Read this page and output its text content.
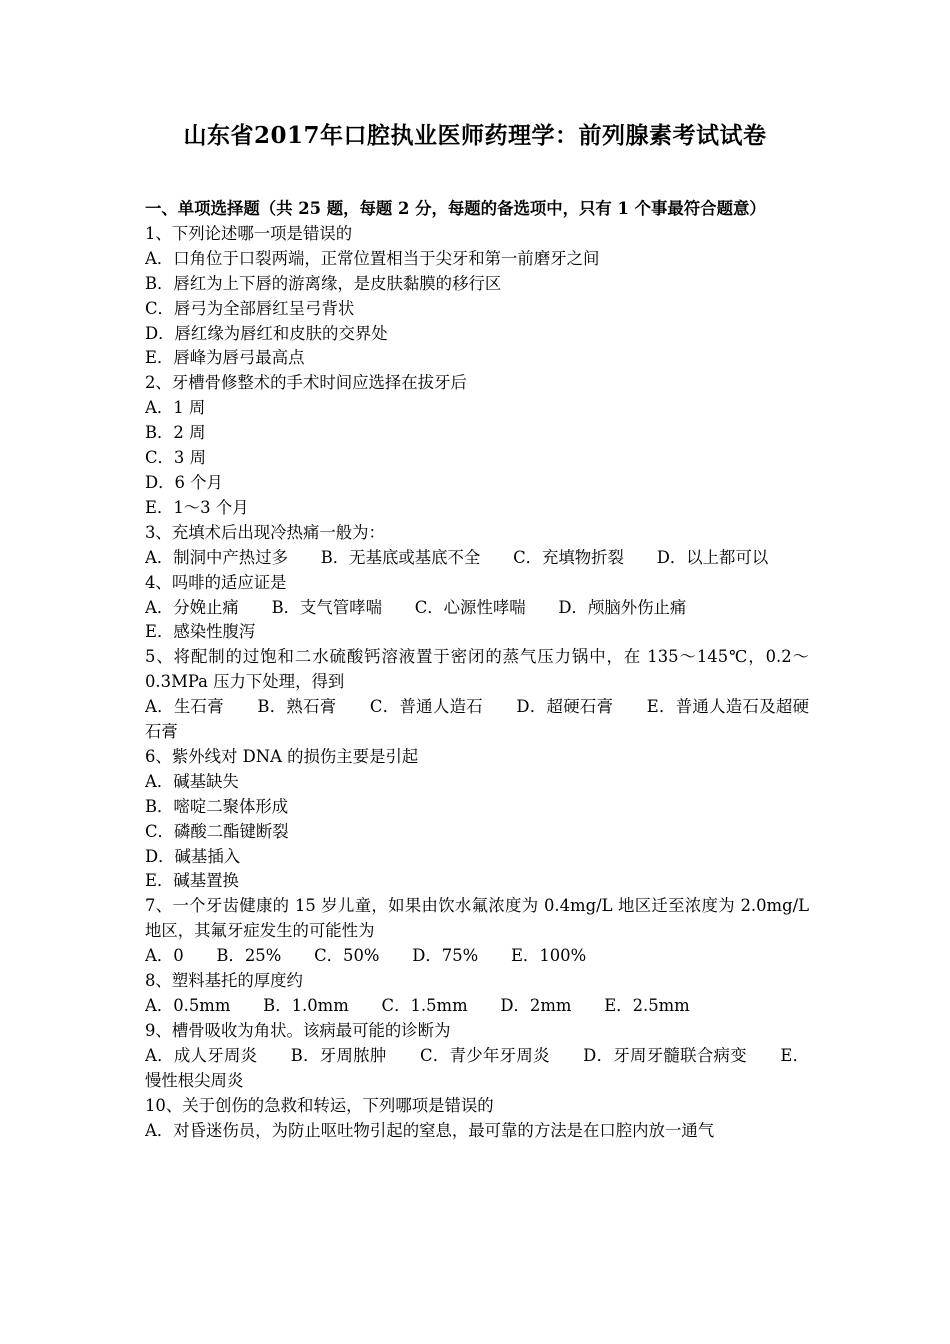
山东省2017年口腔执业医师药理学：前列腺素考试试卷
一、单项选择题（共 25 题，每题 2 分，每题的备选项中，只有 1 个事最符合题意）
1、下列论述哪一项是错误的
A．口角位于口裂两端，正常位置相当于尖牙和第一前磨牙之间
B．唇红为上下唇的游离缘，是皮肤黏膜的移行区
C．唇弓为全部唇红呈弓背状
D．唇红缘为唇红和皮肤的交界处
E．唇峰为唇弓最高点
2、牙槽骨修整术的手术时间应选择在拔牙后
A．1 周
B．2 周
C．3 周
D．6 个月
E．1～3 个月
3、充填术后出现冷热痛一般为：
A．制洞中产热过多　　B．无基底或基底不全　　C．充填物折裂　　D．以上都可以
4、吗啡的适应证是
A．分娩止痛　　B．支气管哮喘　　C．心源性哮喘　　D．颅脑外伤止痛
E．感染性腹泻
5、将配制的过饱和二水硫酸钙溶液置于密闭的蒸气压力锅中，在 135～145℃，0.2～0.3MPa 压力下处理，得到
A．生石膏　　B．熟石膏　　C．普通人造石　　D．超硬石膏　　E．普通人造石及超硬石膏
6、紫外线对 DNA 的损伤主要是引起
A．碱基缺失
B．嘧啶二聚体形成
C．磷酸二酯键断裂
D．碱基插入
E．碱基置换
7、一个牙齿健康的 15 岁儿童，如果由饮水氟浓度为 0.4mg/L 地区迁至浓度为 2.0mg/L 地区，其氟牙症发生的可能性为
A．0　　B．25%　　C．50%　　D．75%　　E．100%
8、塑料基托的厚度约
A．0.5mm　　B．1.0mm　　C．1.5mm　　D．2mm　　E．2.5mm
9、槽骨吸收为角状。该病最可能的诊断为
A．成人牙周炎　　B．牙周脓肿　　C．青少年牙周炎　　D．牙周牙髓联合病变　　E．慢性根尖周炎
10、关于创伤的急救和转运，下列哪项是错误的
A．对昏迷伤员，为防止呕吐物引起的窒息，最可靠的方法是在口腔内放一通气
